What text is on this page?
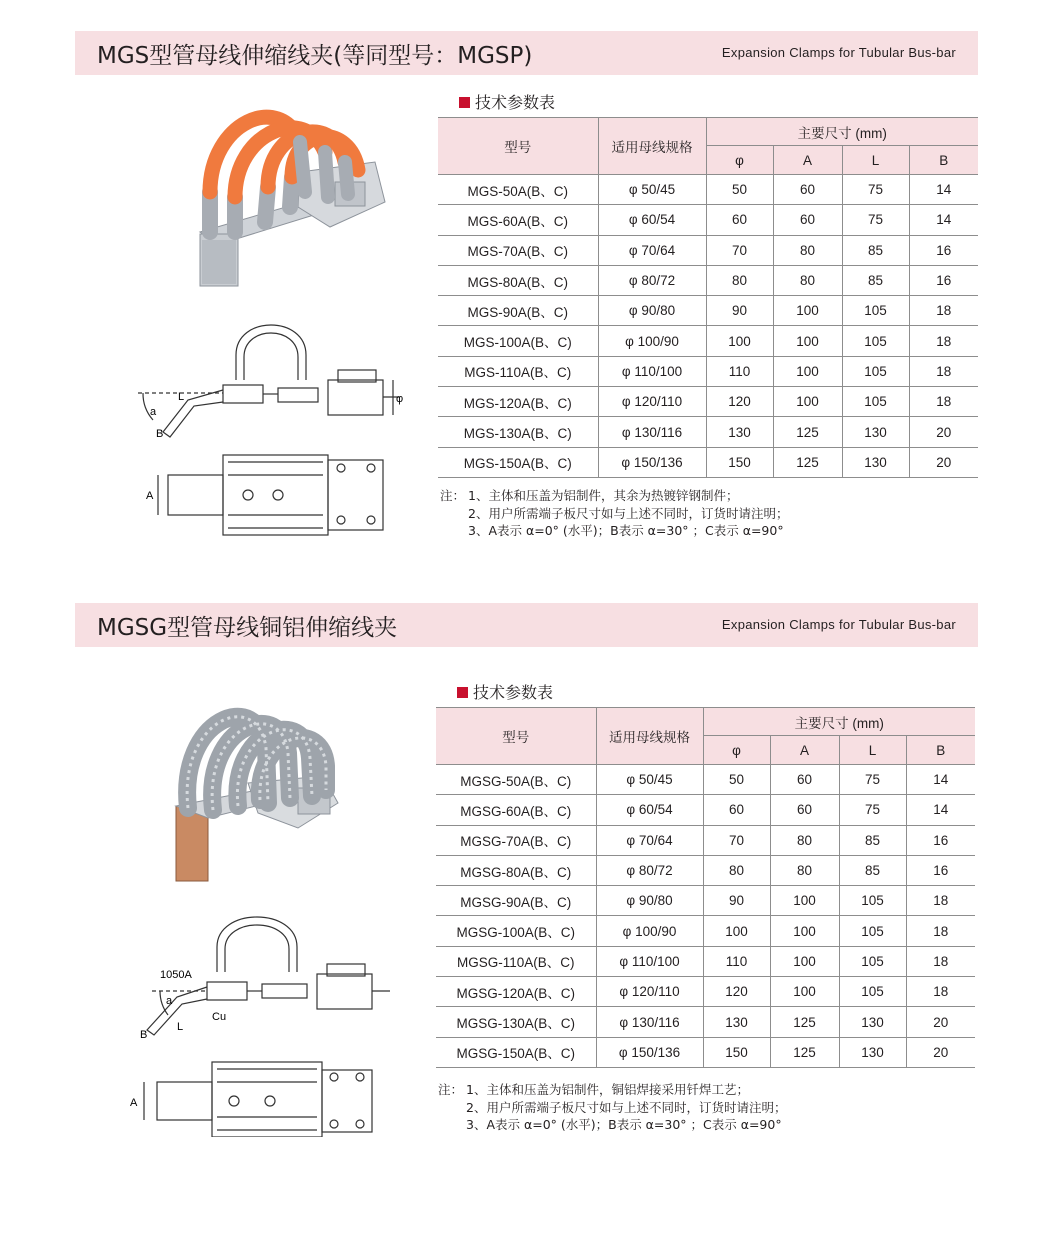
MGS型管母线伸缩线夹(等同型号：MGSP)	Expansion Clamps for Tubular Bus-bar
a
L
B
φ
A
技术参数表
型号	适用母线规格	主要尺寸 (mm)			
		φ	A	L	B
MGS-50A(B、C)	φ 50/45	50	60	75	14
MGS-60A(B、C)	φ 60/54	60	60	75	14
MGS-70A(B、C)	φ 70/64	70	80	85	16
MGS-80A(B、C)	φ 80/72	80	80	85	16
MGS-90A(B、C)	φ 90/80	90	100	105	18
MGS-100A(B、C)	φ 100/90	100	100	105	18
MGS-110A(B、C)	φ 110/100	110	100	105	18
MGS-120A(B、C)	φ 120/110	120	100	105	18
MGS-130A(B、C)	φ 130/116	130	125	130	20
MGS-150A(B、C)	φ 150/136	150	125	130	20
注： 1、主体和压盖为铝制件，其余为热镀锌钢制件；
2、用户所需端子板尺寸如与上述不同时，订货时请注明；
3、A表示 α=0° (水平)；B表示 α=30° ；C表示 α=90°
MGSG型管母线铜铝伸缩线夹	Expansion Clamps for Tubular Bus-bar
1050A
Cu
a
L
B
A
技术参数表
型号	适用母线规格	主要尺寸 (mm)			
		φ	A	L	B
MGSG-50A(B、C)	φ 50/45	50	60	75	14
MGSG-60A(B、C)	φ 60/54	60	60	75	14
MGSG-70A(B、C)	φ 70/64	70	80	85	16
MGSG-80A(B、C)	φ 80/72	80	80	85	16
MGSG-90A(B、C)	φ 90/80	90	100	105	18
MGSG-100A(B、C)	φ 100/90	100	100	105	18
MGSG-110A(B、C)	φ 110/100	110	100	105	18
MGSG-120A(B、C)	φ 120/110	120	100	105	18
MGSG-130A(B、C)	φ 130/116	130	125	130	20
MGSG-150A(B、C)	φ 150/136	150	125	130	20
注： 1、主体和压盖为铝制件，铜铝焊接采用钎焊工艺；
2、用户所需端子板尺寸如与上述不同时，订货时请注明；
3、A表示 α=0° (水平)；B表示 α=30° ；C表示 α=90°
